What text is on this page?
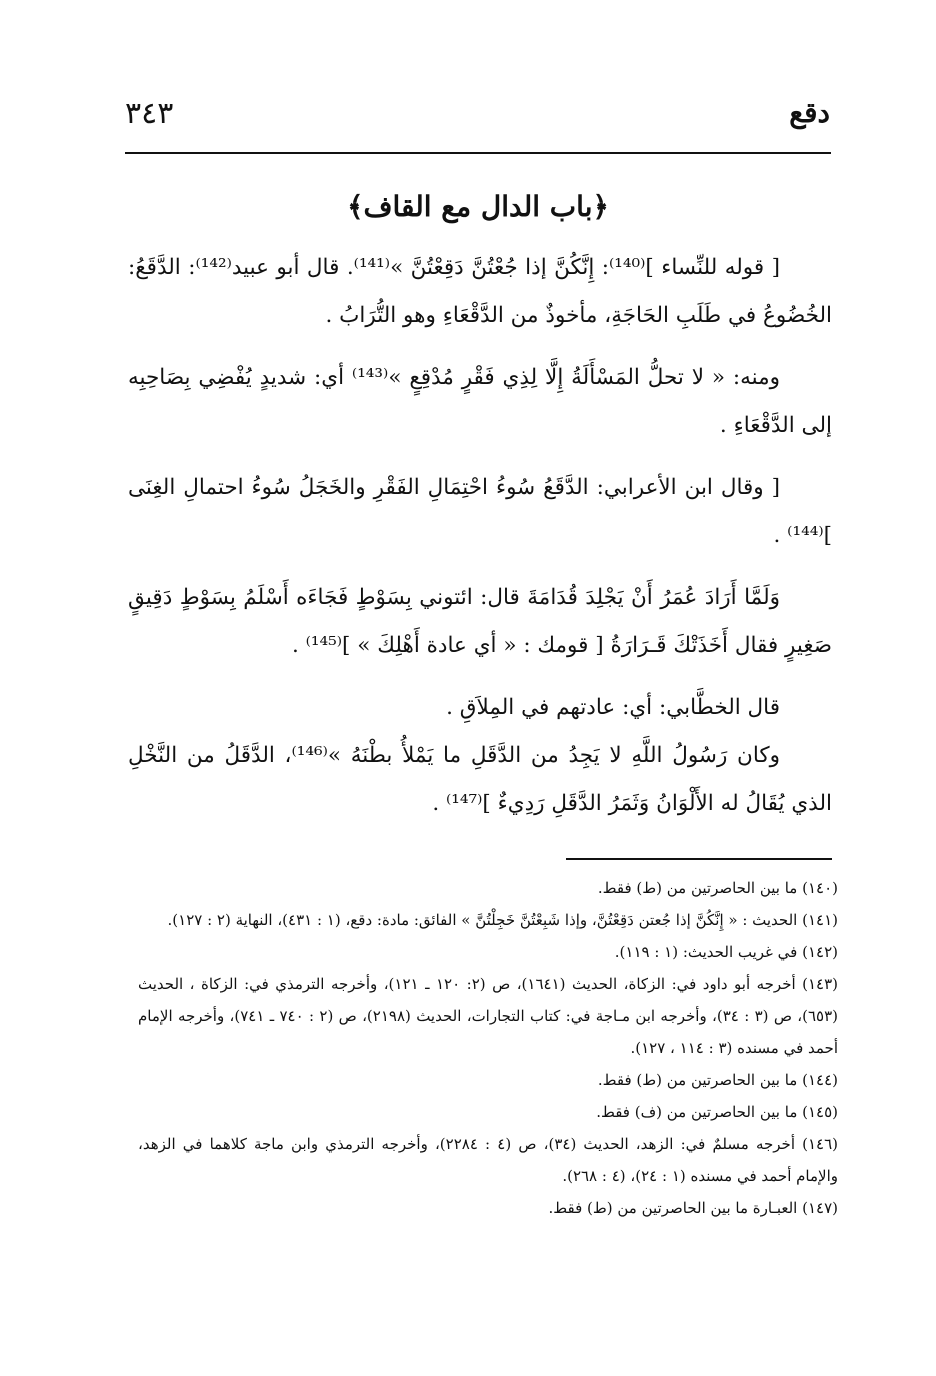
٣٤٣	دقع
﴿باب الدال مع القاف﴾

[ قوله للنِّساء ]⁽¹⁴⁰⁾: إِنَّكُنَّ إذا جُعْتُنَّ دَقِعْتُنَّ »⁽¹⁴¹⁾. قال أبو عبيد⁽¹⁴²⁾: الدَّقَعُ: الخُضُوعُ في طَلَبِ الحَاجَةِ، مأخوذٌ من الدَّقْعَاءِ وهو التُّرَابُ .

ومنه: « لا تحلُّ المَسْأَلَةُ إِلَّا لِذِي فَقْرٍ مُدْقِعٍ »⁽¹⁴³⁾ أي: شديدٍ يُفْضِي بِصَاحِبِه إلى الدَّقْعَاءِ .

[ وقال ابن الأعرابي: الدَّقَعُ سُوءُ احْتِمَالِ الفَقْرِ والخَجَلُ سُوءُ احتمالِ الغِنَى ]⁽¹⁴⁴⁾ .

وَلَمَّا أَرَادَ عُمَرُ أَنْ يَجْلِدَ قُدَامَةَ قال: ائتوني بِسَوْطٍ فَجَاءَه أَسْلَمُ بِسَوْطٍ دَقِيقٍ صَغِيرٍ فقال أَخَذَتْكَ قَـرَارَةُ [ قومك : « أي عادة أَهْلِكَ » ]⁽¹⁴⁵⁾ .

قال الخطَّابي: أي: عادتهم في المِلاَقِ .

وكان رَسُولُ اللَّهِ لا يَجِدُ من الدَّقَلِ ما يَمْلأُ بطْنَهُ »⁽¹⁴⁶⁾، الدَّقَلُ من النَّخْلِ الذي يُقَالُ له الأَلْوَانُ وَثَمَرُ الدَّقَلِ رَدِيءٌ ]⁽¹⁴⁷⁾ .

(١٤٠) ما بين الحاصرتين من (ط) فقط.

(١٤١) الحديث : « إِنَّكُنَّ إذا جُعتن دَقِعْتُنَّ، وإذا شَبِعْتُنَّ خَجِلْتُنَّ » الفائق: مادة: دقع، (١ : ٤٣١)، النهاية (٢ : ١٢٧).

(١٤٢) في غريب الحديث: (١ : ١١٩).

(١٤٣) أخرجه أبو داود في: الزكاة، الحديث (١٦٤١)، ص (٢: ١٢٠ ـ ١٢١)، وأخرجه الترمذي في: الزكاة ، الحديث (٦٥٣)، ص (٣ : ٣٤)، وأخرجه ابن مـاجة في: كتاب التجارات، الحديث (٢١٩٨)، ص (٢ : ٧٤٠ ـ ٧٤١)، وأخرجه الإمام أحمد في مسنده (٣ : ١١٤ ، ١٢٧).

(١٤٤) ما بين الحاصرتين من (ط) فقط.

(١٤٥) ما بين الحاصرتين من (ف) فقط.

(١٤٦) أخرجه مسلمٌ في: الزهد، الحديث (٣٤)، ص (٤ : ٢٢٨٤)، وأخرجه الترمذي وابن ماجة كلاهما في الزهد، والإمام أحمد في مسنده (١ : ٢٤)، (٤ : ٢٦٨).

(١٤٧) العبـارة ما بين الحاصرتين من (ط) فقط.
